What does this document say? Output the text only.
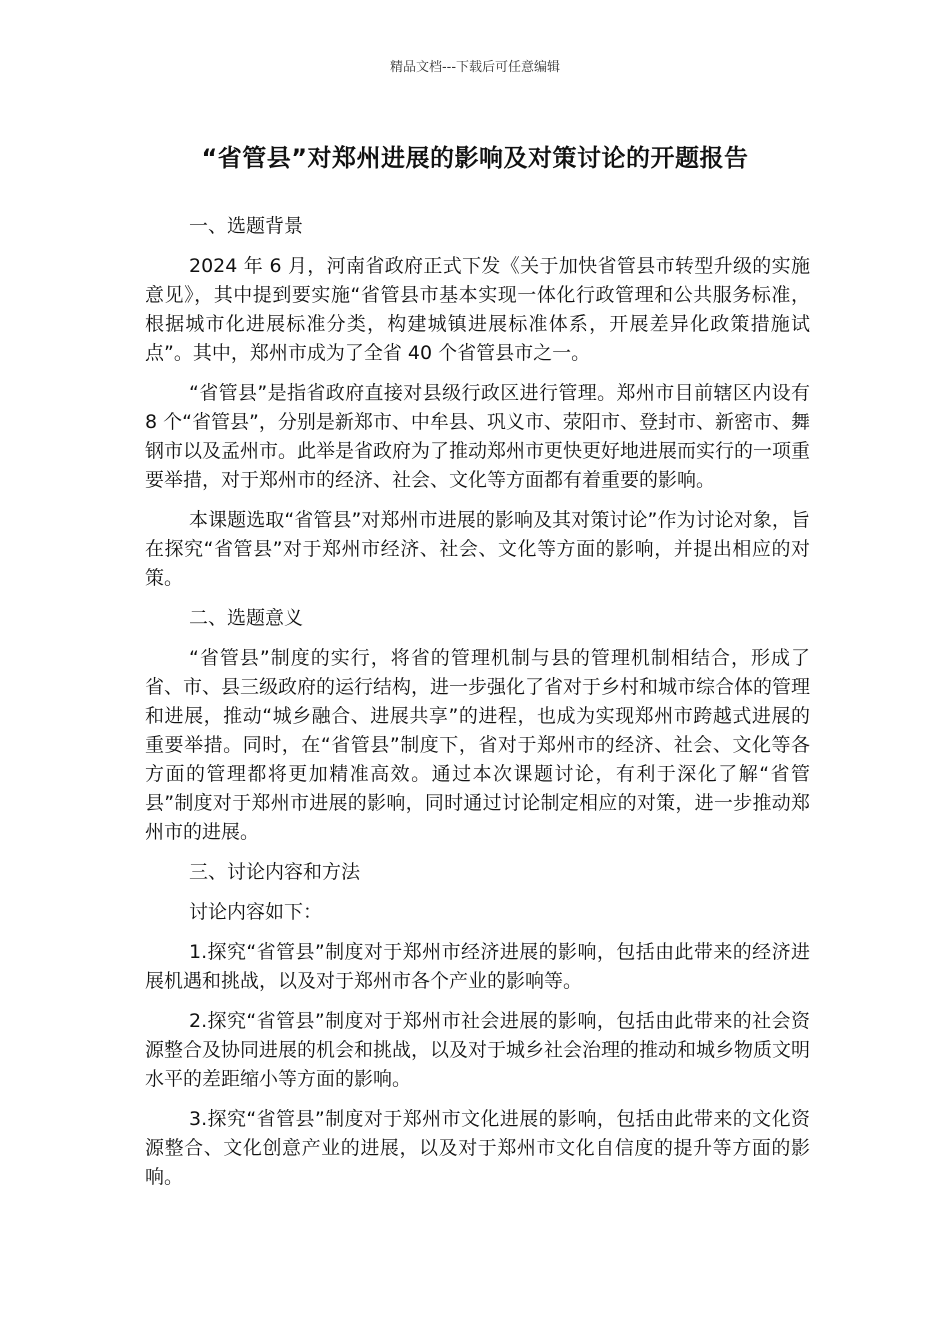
精品文档---下载后可任意编辑
“省管县”对郑州进展的影响及对策讨论的开题报告

一、选题背景

2024 年 6 月，河南省政府正式下发《关于加快省管县市转型升级的实施意见》，其中提到要实施“省管县市基本实现一体化行政管理和公共服务标准，根据城市化进展标准分类，构建城镇进展标准体系，开展差异化政策措施试点”。其中，郑州市成为了全省 40 个省管县市之一。

“省管县”是指省政府直接对县级行政区进行管理。郑州市目前辖区内设有 8 个“省管县”，分别是新郑市、中牟县、巩义市、荥阳市、登封市、新密市、舞钢市以及孟州市。此举是省政府为了推动郑州市更快更好地进展而实行的一项重要举措，对于郑州市的经济、社会、文化等方面都有着重要的影响。

本课题选取“省管县”对郑州市进展的影响及其对策讨论”作为讨论对象，旨在探究“省管县”对于郑州市经济、社会、文化等方面的影响，并提出相应的对策。

二、选题意义

“省管县”制度的实行，将省的管理机制与县的管理机制相结合，形成了省、市、县三级政府的运行结构，进一步强化了省对于乡村和城市综合体的管理和进展，推动“城乡融合、进展共享”的进程，也成为实现郑州市跨越式进展的重要举措。同时，在“省管县”制度下，省对于郑州市的经济、社会、文化等各方面的管理都将更加精准高效。通过本次课题讨论，有利于深化了解“省管县”制度对于郑州市进展的影响，同时通过讨论制定相应的对策，进一步推动郑州市的进展。

三、讨论内容和方法

讨论内容如下：

1.探究“省管县”制度对于郑州市经济进展的影响，包括由此带来的经济进展机遇和挑战，以及对于郑州市各个产业的影响等。

2.探究“省管县”制度对于郑州市社会进展的影响，包括由此带来的社会资源整合及协同进展的机会和挑战，以及对于城乡社会治理的推动和城乡物质文明水平的差距缩小等方面的影响。

3.探究“省管县”制度对于郑州市文化进展的影响，包括由此带来的文化资源整合、文化创意产业的进展，以及对于郑州市文化自信度的提升等方面的影响。
